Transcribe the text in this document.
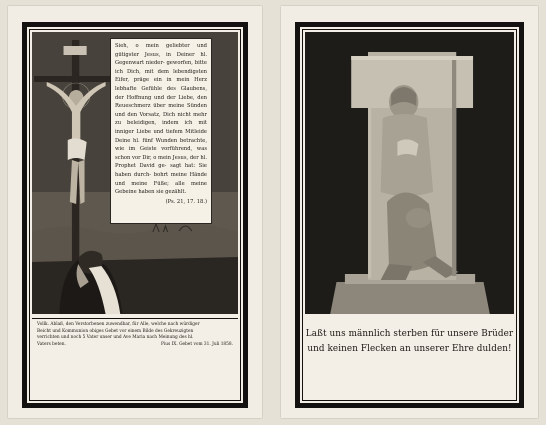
Sieh, o mein geliebter und gütigster Jesus, in Deiner hl. Gegenwart nieder- geworfen, bitte ich Dich, mit dem lebendigsten Eifer, präge ein in mein Herz lebhafte Gefühle des Glaubens, der Hoffnung und der Liebe, den Reueschmerz über meine Sünden und den Vorsatz, Dich nicht mehr zu beleidigen, indem ich mit inniger Liebe und tiefem Mitleide Deine hl. fünf Wunden betrachte, wie im Geiste vorführend, was schon vor Dir, o mein Jesus, der hl. Prophet David ge- sagt hat: Sie haben durch- bohrt meine Hände und meine Füße; alle meine Gebeine haben sie gezählt.
(Ps. 21, 17. 18.)
Vollk. Ablaß, den Verstorbenen zuwendbar, für Alle, welche nach würdiger
Beicht und Kommunion obiges Gebet vor einem Bilde des Gekreuzigten
verrichten und noch 5 Vater unser und Ave Maria nach Meinung des hl.
Vaters beten.	Pius IX. Gebet vom 31. Juli 1858.
Laßt uns männlich sterben für unsere Brüder
und keinen Flecken an unserer Ehre dulden!
